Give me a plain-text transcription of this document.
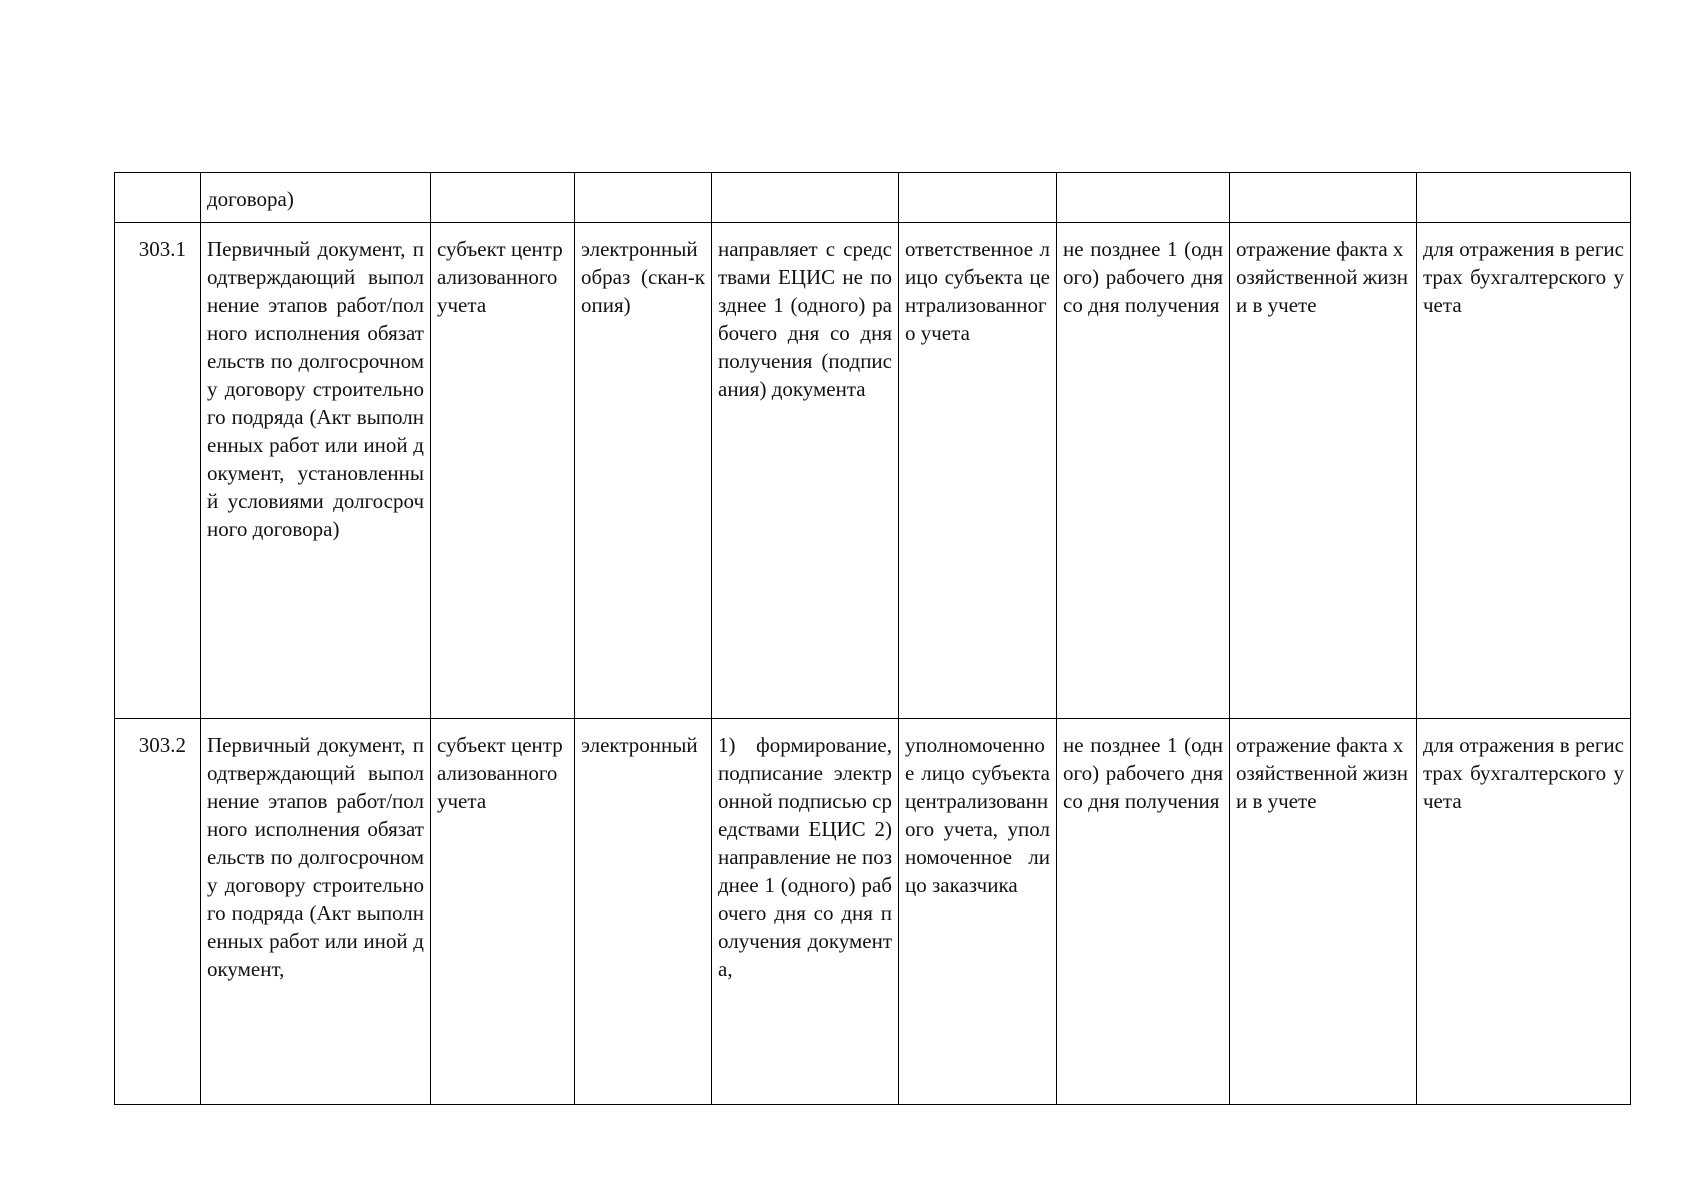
	договора)							
303.1	Первичный документ, подтверждающий выполнение этапов работ/полного исполнения обязательств по долгосрочному договору строительного подряда (Акт выполненных работ или иной документ, установленный условиями долгосрочного договора)	субъект централизованного учета	электронный образ (скан-копия)	направляет с средствами ЕЦИС не позднее 1 (одного) рабочего дня со дня получения (подписания) документа	ответственное лицо субъекта централизованного учета	не позднее 1 (одного) рабочего дня со дня получения	отражение факта хозяйственной жизни в учете	для отражения в регистрах бухгалтерского учета
303.2	Первичный документ, подтверждающий выполнение этапов работ/полного исполнения обязательств по долгосрочному договору строительного подряда (Акт выполненных работ или иной документ,	субъект централизованного учета	электронный	1) формирование, подписание электронной подписью средствами ЕЦИС 2) направление не позднее 1 (одного) рабочего дня со дня получения документа,	уполномоченное лицо субъекта централизованного учета, уполномоченное лицо заказчика	не позднее 1 (одного) рабочего дня со дня получения	отражение факта хозяйственной жизни в учете	для отражения в регистрах бухгалтерского учета
